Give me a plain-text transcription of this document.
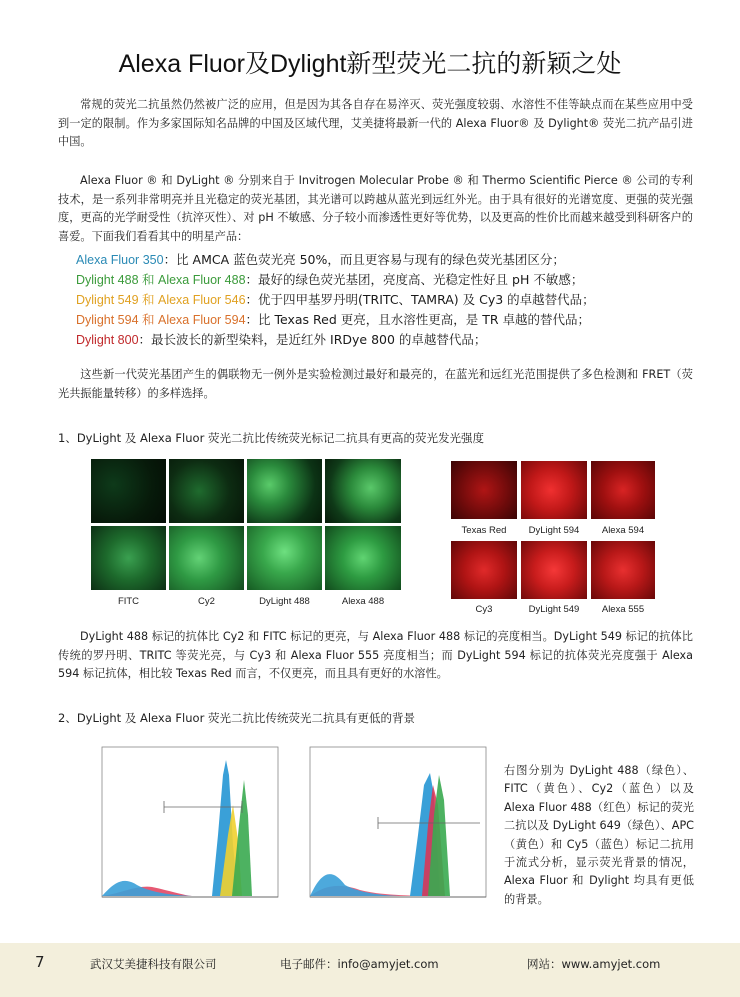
Alexa Fluor及Dylight新型荧光二抗的新颖之处
常规的荧光二抗虽然仍然被广泛的应用，但是因为其各自存在易淬灭、荧光强度较弱、水溶性不佳等缺点而在某些应用中受到一定的限制。作为多家国际知名品牌的中国及区域代理，艾美捷将最新一代的 Alexa Fluor® 及 Dylight® 荧光二抗产品引进中国。
Alexa Fluor ® 和 DyLight ® 分别来自于 Invitrogen Molecular Probe ® 和 Thermo Scientific Pierce ® 公司的专利技术，是一系列非常明亮并且光稳定的荧光基团，其光谱可以跨越从蓝光到远红外光。由于具有很好的光谱宽度、更强的荧光强度，更高的光学耐受性（抗淬灭性）、对 pH 不敏感、分子较小而渗透性更好等优势，以及更高的性价比而越来越受到科研客户的喜爱。下面我们看看其中的明星产品：
Alexa Fluor 350：比 AMCA 蓝色荧光亮 50%，而且更容易与现有的绿色荧光基团区分；
Dylight 488 和 Alexa Fluor 488：最好的绿色荧光基团，亮度高、光稳定性好且 pH 不敏感；
Dylight 549 和 Alexa Fluor 546：优于四甲基罗丹明(TRITC、TAMRA) 及 Cy3 的卓越替代品；
Dylight 594 和 Alexa Fluor 594：比 Texas Red 更亮，且水溶性更高，是 TR 卓越的替代品；
Dylight 800：最长波长的新型染料，是近红外 IRDye 800 的卓越替代品；
这些新一代荧光基团产生的偶联物无一例外是实验检测过最好和最亮的，在蓝光和远红光范围提供了多色检测和 FRET（荧光共振能量转移）的多样选择。
1、DyLight 及 Alexa Fluor 荧光二抗比传统荧光标记二抗具有更高的荧光发光强度
FITC	Cy2	DyLight 488	Alexa 488
Texas Red	DyLight 594	Alexa 594
Cy3	DyLight 549	Alexa 555
DyLight 488 标记的抗体比 Cy2 和 FITC 标记的更亮，与 Alexa Fluor 488 标记的亮度相当。DyLight 549 标记的抗体比传统的罗丹明、TRITC 等荧光亮，与 Cy3 和 Alexa Fluor 555 亮度相当；而 DyLight 594 标记的抗体荧光亮度强于 Alexa 594 标记抗体，相比较 Texas Red 而言，不仅更亮，而且具有更好的水溶性。
2、DyLight 及 Alexa Fluor 荧光二抗比传统荧光二抗具有更低的背景
右图分别为 DyLight 488（绿色）、FITC（黄色）、Cy2（蓝色）以及 Alexa Fluor 488（红色）标记的荧光二抗以及 DyLight 649（绿色）、APC（黄色）和 Cy5（蓝色）标记二抗用于流式分析，显示荧光背景的情况，Alexa Fluor 和 Dylight 均具有更低的背景。
7	武汉艾美捷科技有限公司	电子邮件：info@amyjet.com	网站：www.amyjet.com
